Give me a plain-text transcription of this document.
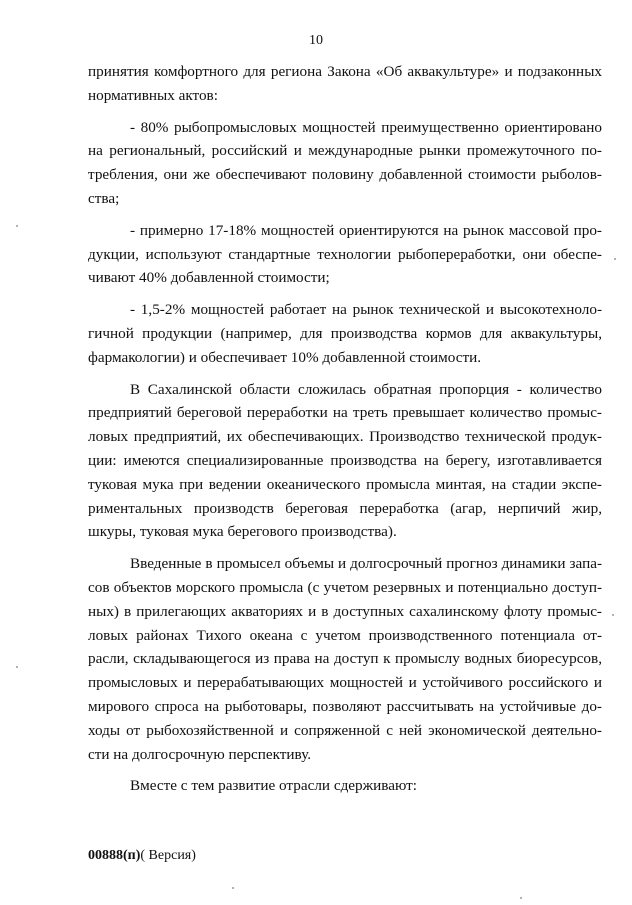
10

принятия комфортного для региона Закона «Об аквакультуре» и подзаконных
нормативных актов:

- 80% рыбопромысловых мощностей преимущественно ориентировано
на региональный, российский и международные рынки промежуточного по-
требления, они же обеспечивают половину добавленной стоимости рыболов-
ства;

- примерно 17-18% мощностей ориентируются на рынок массовой про-
дукции, используют стандартные технологии рыбопереработки, они обеспе-
чивают 40% добавленной стоимости;

- 1,5-2% мощностей работает на рынок технической и высокотехноло-
гичной продукции (например, для производства кормов для аквакультуры,
фармакологии) и обеспечивает 10% добавленной стоимости.

В Сахалинской области сложилась обратная пропорция - количество
предприятий береговой переработки на треть превышает количество промыс-
ловых предприятий, их обеспечивающих. Производство технической продук-
ции: имеются специализированные производства на берегу, изготавливается
туковая мука при ведении океанического промысла минтая, на стадии экспе-
риментальных производств береговая переработка (агар, нерпичий жир,
шкуры, туковая мука берегового производства).

Введенные в промысел объемы и долгосрочный прогноз динамики запа-
сов объектов морского промысла (с учетом резервных и потенциально доступ-
ных) в прилегающих акваториях и в доступных сахалинскому флоту промыс-
ловых районах Тихого океана с учетом производственного потенциала от-
расли, складывающегося из права на доступ к промыслу водных биоресурсов,
промысловых и перерабатывающих мощностей и устойчивого российского и
мирового спроса на рыботовары, позволяют рассчитывать на устойчивые до-
ходы от рыбохозяйственной и сопряженной с ней экономической деятельно-
сти на долгосрочную перспективу.

Вместе с тем развитие отрасли сдерживают:

00888(п)( Версия)
